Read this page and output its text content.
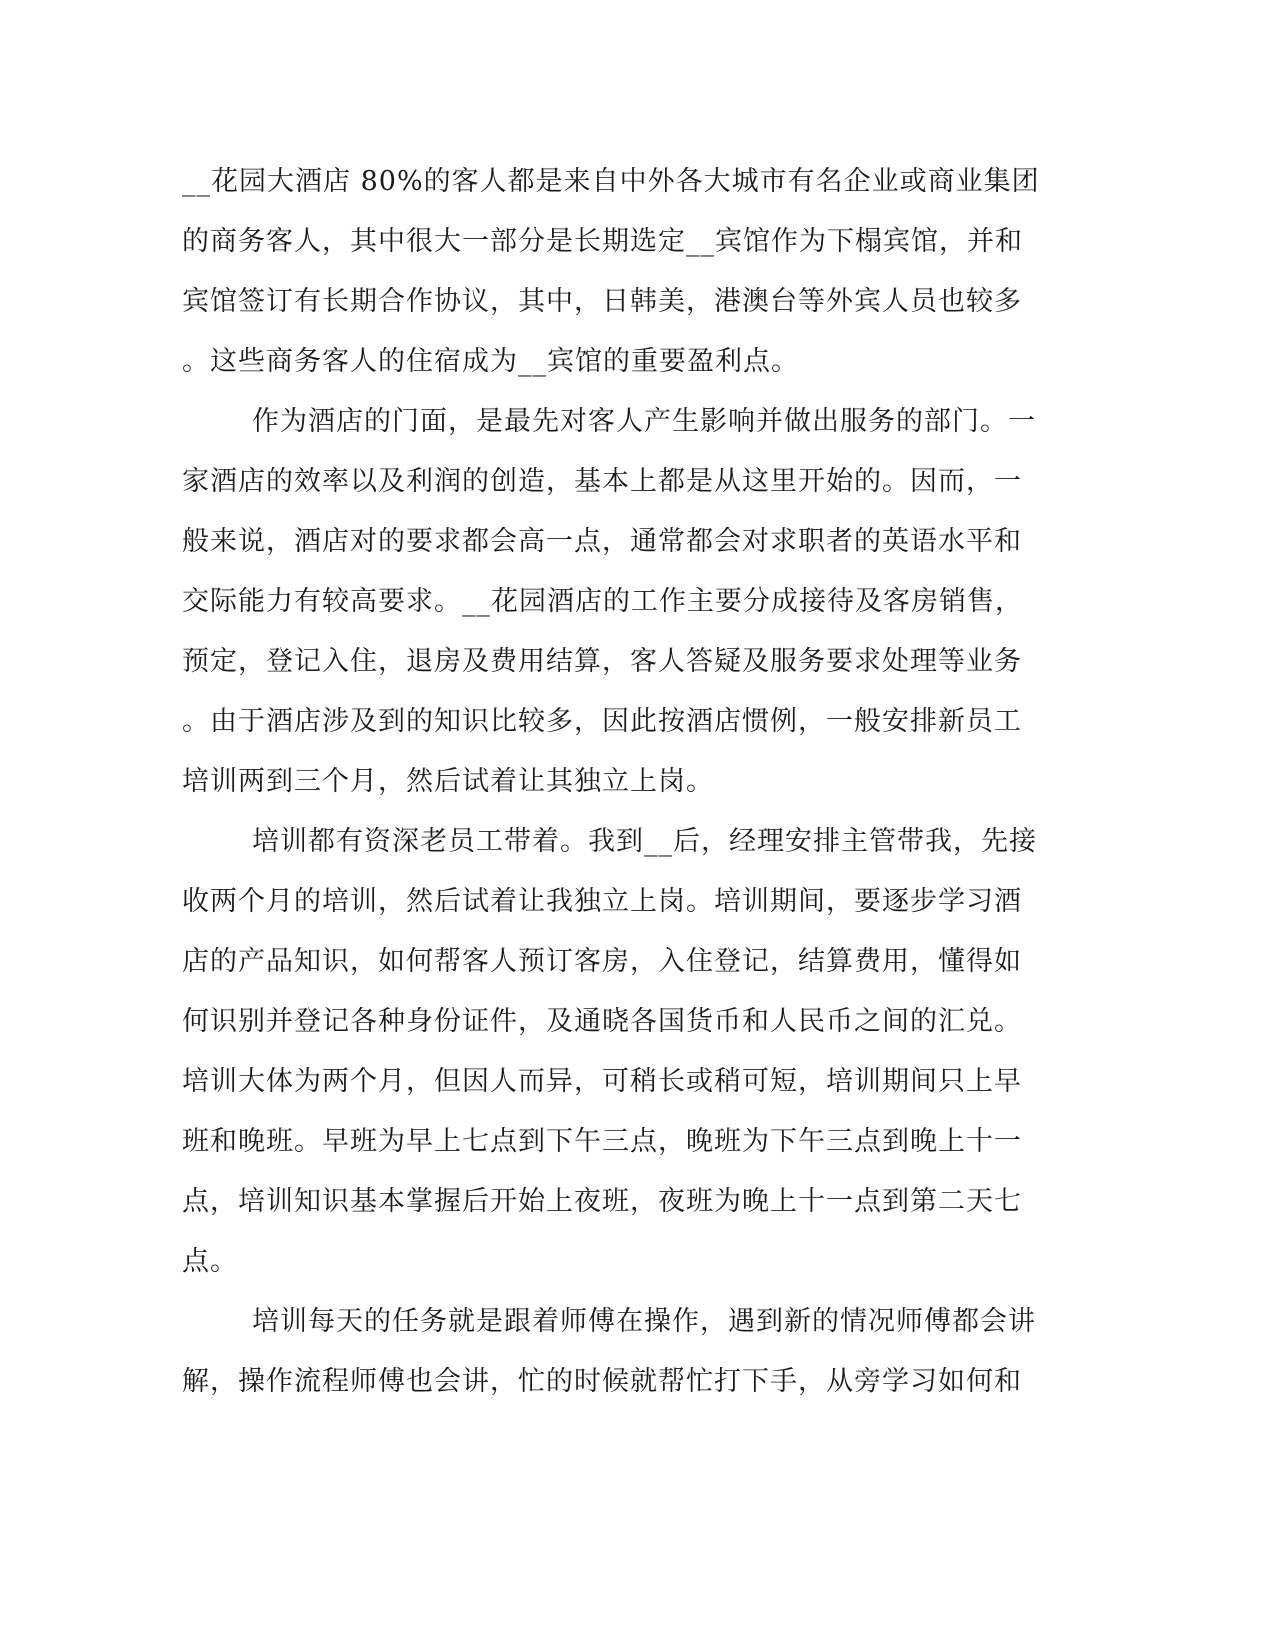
__花园大酒店 80%的客人都是来自中外各大城市有名企业或商业集团
的商务客人，其中很大一部分是长期选定__宾馆作为下榻宾馆，并和
宾馆签订有长期合作协议，其中，日韩美，港澳台等外宾人员也较多
。这些商务客人的住宿成为__宾馆的重要盈利点。
作为酒店的门面，是最先对客人产生影响并做出服务的部门。一
家酒店的效率以及利润的创造，基本上都是从这里开始的。因而，一
般来说，酒店对的要求都会高一点，通常都会对求职者的英语水平和
交际能力有较高要求。__花园酒店的工作主要分成接待及客房销售，
预定，登记入住，退房及费用结算，客人答疑及服务要求处理等业务
。由于酒店涉及到的知识比较多，因此按酒店惯例，一般安排新员工
培训两到三个月，然后试着让其独立上岗。
培训都有资深老员工带着。我到__后，经理安排主管带我，先接
收两个月的培训，然后试着让我独立上岗。培训期间，要逐步学习酒
店的产品知识，如何帮客人预订客房，入住登记，结算费用，懂得如
何识别并登记各种身份证件，及通晓各国货币和人民币之间的汇兑。
培训大体为两个月，但因人而异，可稍长或稍可短，培训期间只上早
班和晚班。早班为早上七点到下午三点，晚班为下午三点到晚上十一
点，培训知识基本掌握后开始上夜班，夜班为晚上十一点到第二天七
点。
培训每天的任务就是跟着师傅在操作，遇到新的情况师傅都会讲
解，操作流程师傅也会讲，忙的时候就帮忙打下手，从旁学习如何和
